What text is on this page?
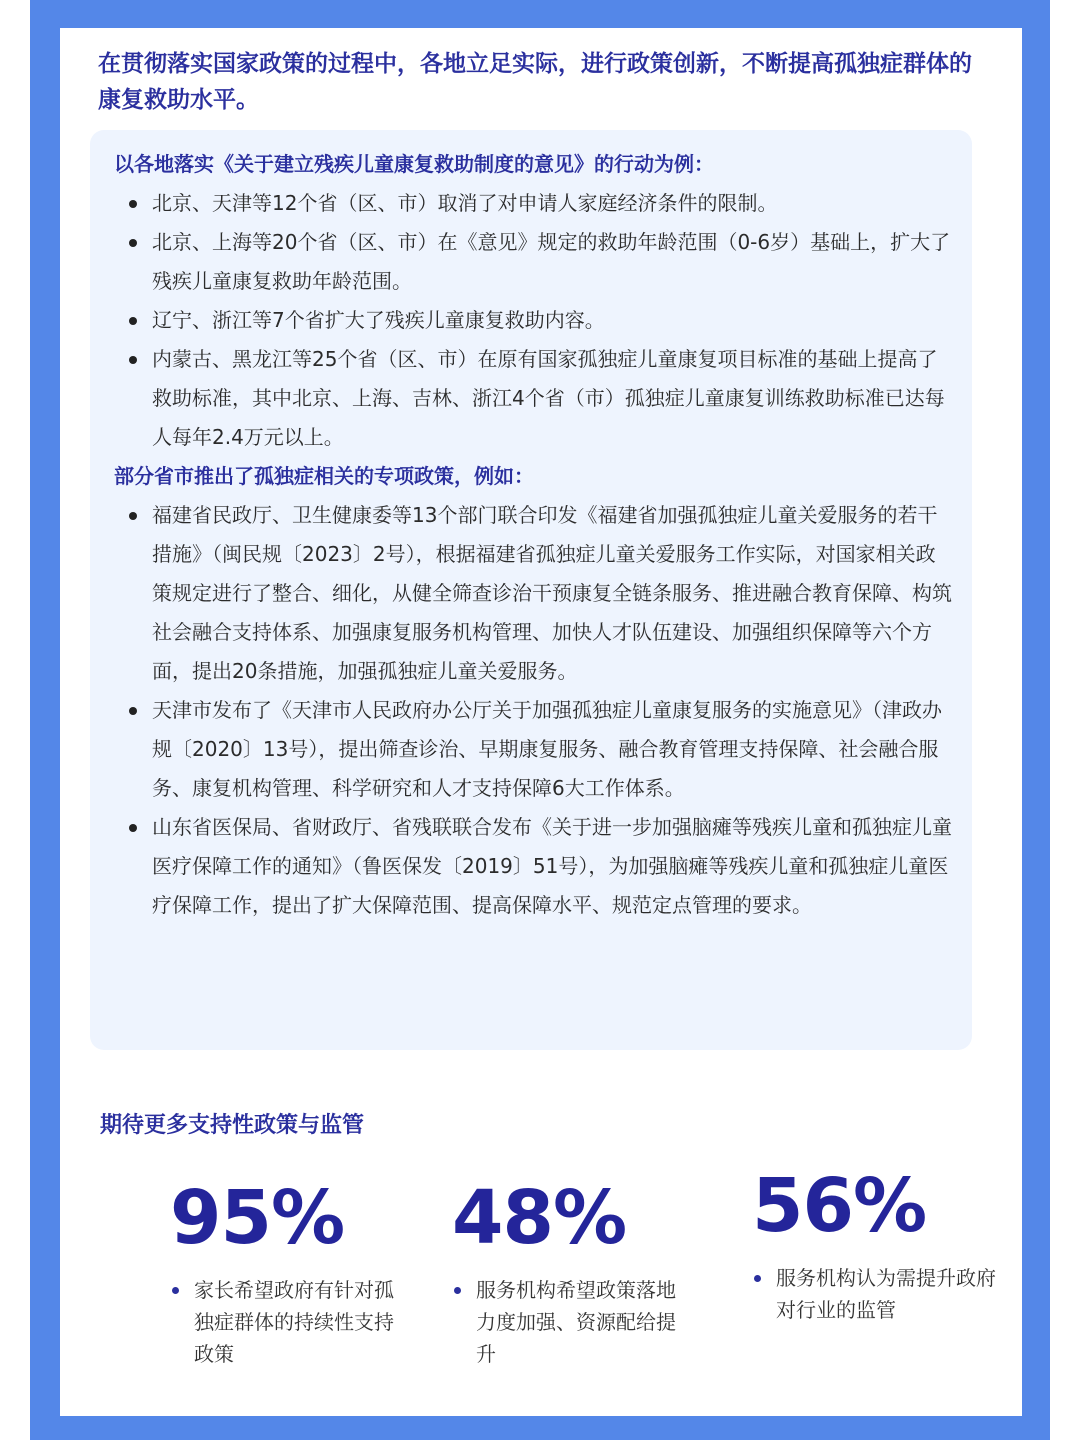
在贯彻落实国家政策的过程中，各地立足实际，进行政策创新，不断提高孤独症群体的康复救助水平。

以各地落实《关于建立残疾儿童康复救助制度的意见》的行动为例：

北京、天津等12个省（区、市）取消了对申请人家庭经济条件的限制。
北京、上海等20个省（区、市）在《意见》规定的救助年龄范围（0-6岁）基础上，扩大了残疾儿童康复救助年龄范围。
辽宁、浙江等7个省扩大了残疾儿童康复救助内容。
内蒙古、黑龙江等25个省（区、市）在原有国家孤独症儿童康复项目标准的基础上提高了救助标准，其中北京、上海、吉林、浙江4个省（市）孤独症儿童康复训练救助标准已达每人每年2.4万元以上。

部分省市推出了孤独症相关的专项政策，例如：

福建省民政厅、卫生健康委等13个部门联合印发《福建省加强孤独症儿童关爱服务的若干措施》（闽民规〔2023〕2号），根据福建省孤独症儿童关爱服务工作实际，对国家相关政策规定进行了整合、细化，从健全筛查诊治干预康复全链条服务、推进融合教育保障、构筑社会融合支持体系、加强康复服务机构管理、加快人才队伍建设、加强组织保障等六个方面，提出20条措施，加强孤独症儿童关爱服务。
天津市发布了《天津市人民政府办公厅关于加强孤独症儿童康复服务的实施意见》（津政办规〔2020〕13号），提出筛查诊治、早期康复服务、融合教育管理支持保障、社会融合服务、康复机构管理、科学研究和人才支持保障6大工作体系。
山东省医保局、省财政厅、省残联联合发布《关于进一步加强脑瘫等残疾儿童和孤独症儿童医疗保障工作的通知》（鲁医保发〔2019〕51号），为加强脑瘫等残疾儿童和孤独症儿童医疗保障工作，提出了扩大保障范围、提高保障水平、规范定点管理的要求。

期待更多支持性政策与监管

95%
家长希望政府有针对孤独症群体的持续性支持政策
48%
服务机构希望政策落地力度加强、资源配给提升
56%
服务机构认为需提升政府对行业的监管
